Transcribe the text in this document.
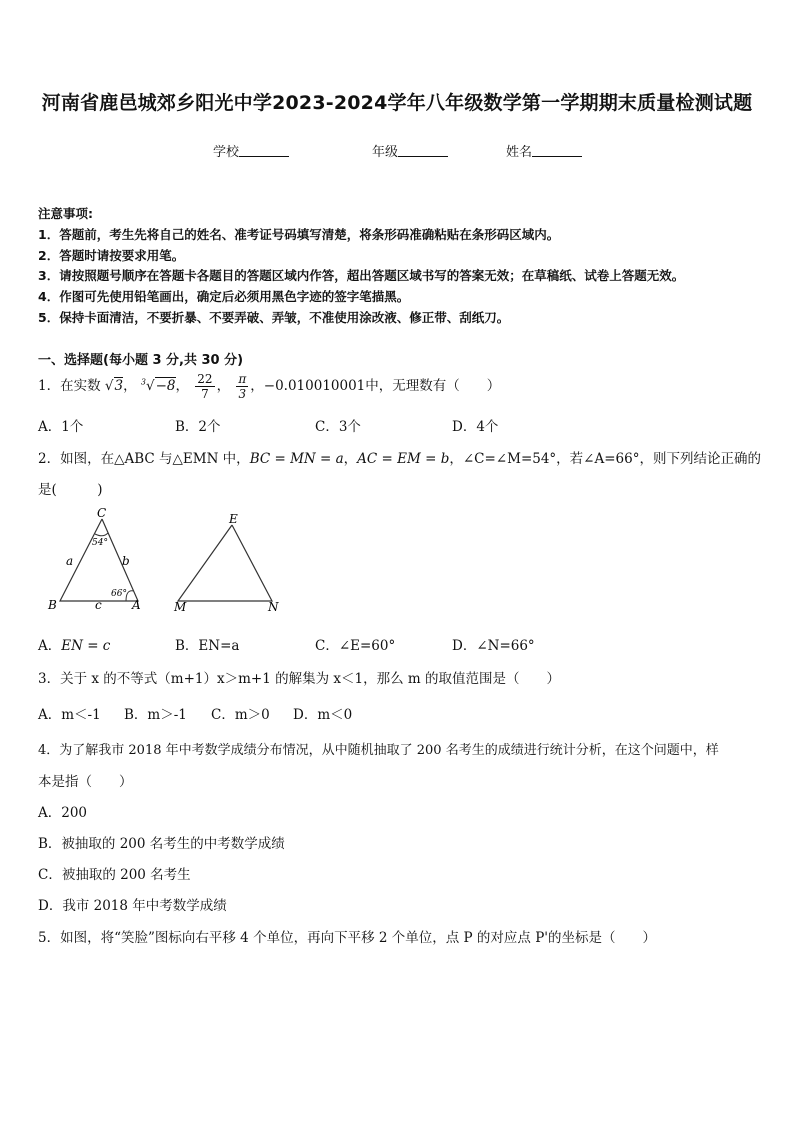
河南省鹿邑城郊乡阳光中学2023-2024学年八年级数学第一学期期末质量检测试题
学校	年级	姓名
注意事项:
1．答题前，考生先将自己的姓名、准考证号码填写清楚，将条形码准确粘贴在条形码区域内。
2．答题时请按要求用笔。
3．请按照题号顺序在答题卡各题目的答题区域内作答，超出答题区域书写的答案无效；在草稿纸、试卷上答题无效。
4．作图可先使用铅笔画出，确定后必须用黑色字迹的签字笔描黑。
5．保持卡面清洁，不要折暴、不要弄破、弄皱，不准使用涂改液、修正带、刮纸刀。
一、选择题(每小题 3 分,共 30 分)
1．在实数 √3， $^3$√−8， $\frac{22}{7}$ ， $\frac{\pi}{3}$ ，−0.010010001中，无理数有（　　）
A．1个	B．2个	C．3个	D．4个
2．如图，在△ABC 与△EMN 中，BC = MN = a，AC = EM = b，∠C=∠M=54°，若∠A=66°，则下列结论正确的
是(　　　)
C
B	A
a	b
c
54°
66°
E
M	N
A．EN = c	B．EN=a	C．∠E=60°	D．∠N=66°
3．关于 x 的不等式（m+1）x＞m+1 的解集为 x＜1，那么 m 的取值范围是（　　）
A．m＜-1 B．m＞-1 C．m＞0 D．m＜0
4．为了解我市 2018 年中考数学成绩分布情况，从中随机抽取了 200 名考生的成绩进行统计分析，在这个问题中，样
本是指（　　）
A．200
B．被抽取的 200 名考生的中考数学成绩
C．被抽取的 200 名考生
D．我市 2018 年中考数学成绩
5．如图，将“笑脸”图标向右平移 4 个单位，再向下平移 2 个单位，点 P 的对应点 P'的坐标是（　　）
